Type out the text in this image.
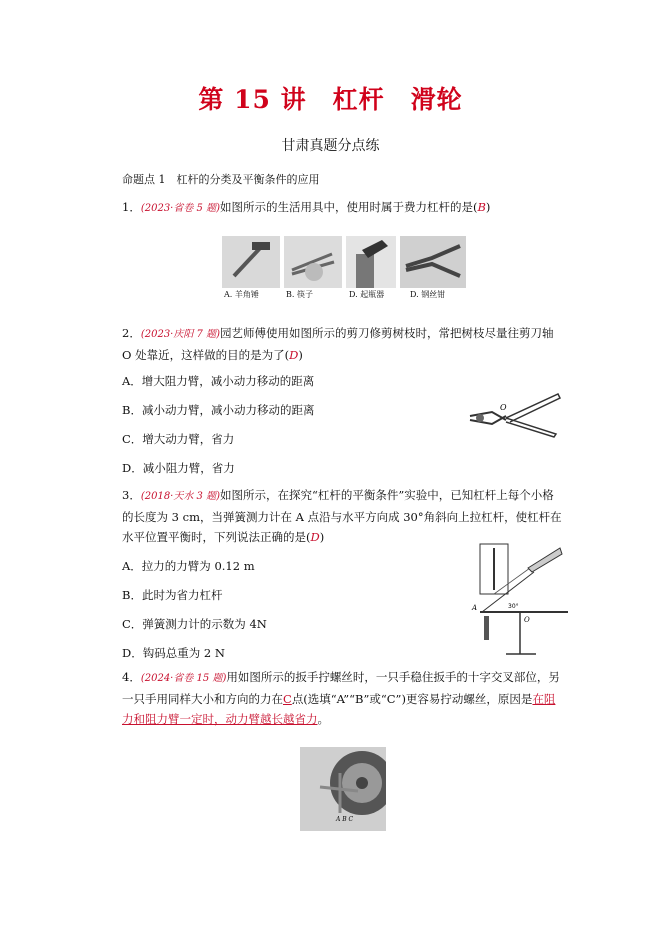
第 15 讲　杠杆　滑轮
甘肃真题分点练
命题点 1　杠杆的分类及平衡条件的应用
1．(2023·省卷 5 题)如图所示的生活用具中，使用时属于费力杠杆的是(B)
A. 羊角锤	B. 筷子	D. 起瓶器	D. 钢丝钳
2．(2023·庆阳 7 题)园艺师傅使用如图所示的剪刀修剪树枝时，常把树枝尽量往剪刀轴 O 处靠近，这样做的目的是为了(D)
A．增大阻力臂，减小动力移动的距离
B．减小动力臂，减小动力移动的距离
C．增大动力臂，省力
D．减小阻力臂，省力
O
3．(2018·天水 3 题)如图所示，在探究“杠杆的平衡条件”实验中，已知杠杆上每个小格的长度为 3 cm，当弹簧测力计在 A 点沿与水平方向成 30°角斜向上拉杠杆，使杠杆在水平位置平衡时，下列说法正确的是(D)
A．拉力的力臂为 0.12 m
B．此时为省力杠杆
C．弹簧测力计的示数为 4N
D．钩码总重为 2 N
30°
A
O
4．(2024·省卷 15 题)用如图所示的扳手拧螺丝时，一只手稳住扳手的十字交叉部位，另一只手用同样大小和方向的力在C点(选填“A”“B”或“C”)更容易拧动螺丝，原因是在阻力和阻力臂一定时，动力臂越长越省力。
A B C
